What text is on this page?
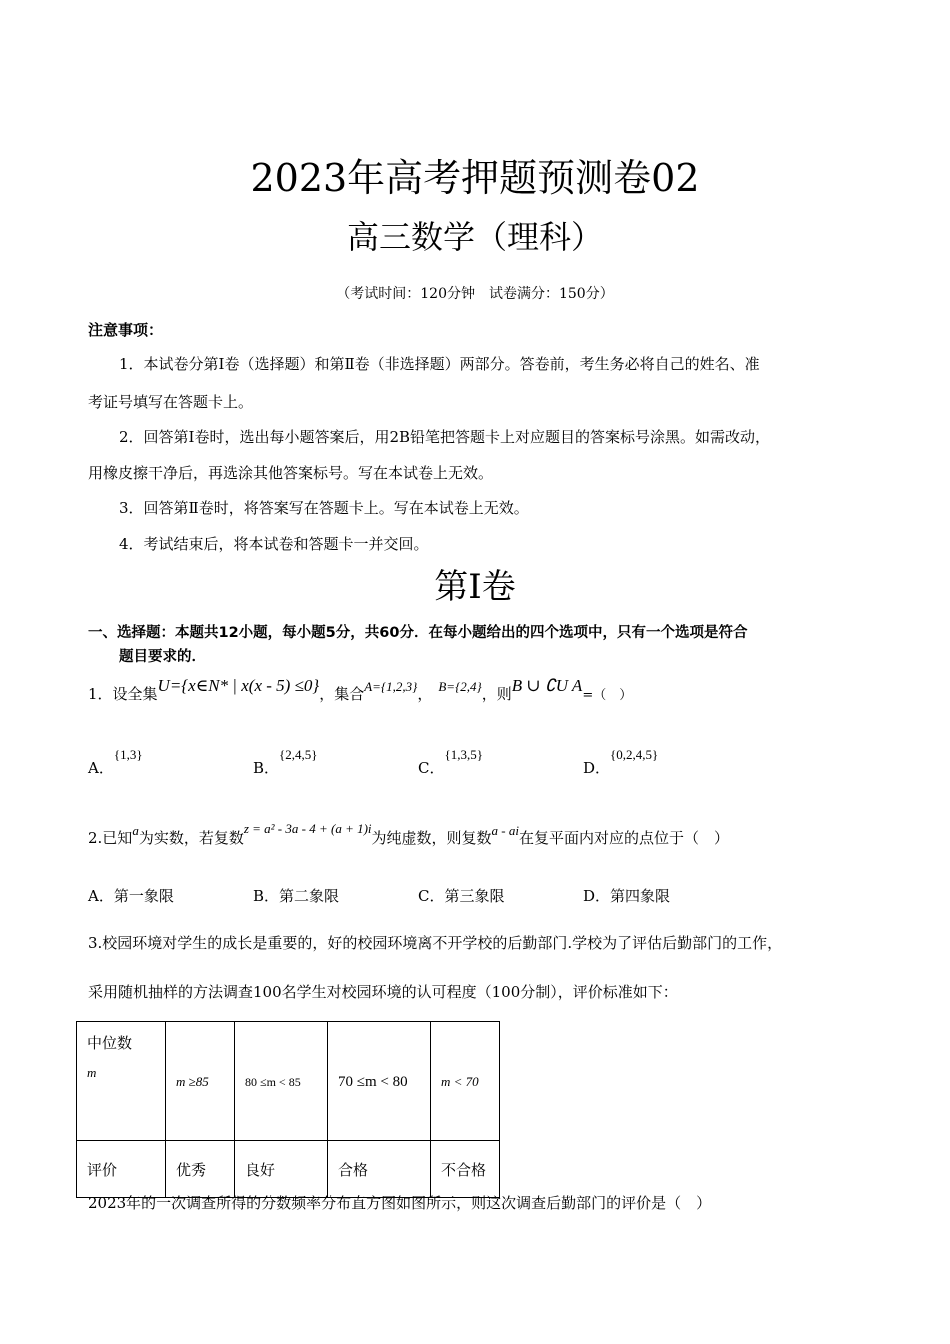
2023年高考押题预测卷02
高三数学（理科）
（考试时间：120分钟　试卷满分：150分）
注意事项：
1．本试卷分第Ⅰ卷（选择题）和第Ⅱ卷（非选择题）两部分。答卷前，考生务必将自己的姓名、准
考证号填写在答题卡上。
2．回答第Ⅰ卷时，选出每小题答案后，用2B铅笔把答题卡上对应题目的答案标号涂黑。如需改动，
用橡皮擦干净后，再选涂其他答案标号。写在本试卷上无效。
3．回答第Ⅱ卷时，将答案写在答题卡上。写在本试卷上无效。
4．考试结束后，将本试卷和答题卡一并交回。
第Ⅰ卷
一、选择题：本题共12小题，每小题5分，共60分．在每小题给出的四个选项中，只有一个选项是符合
题目要求的．
1．设全集U={x∈N* | x(x - 5) ≤0}，集合A={1,2,3}， B={2,4}，则B ∪ ∁U A=（　）
A．{1,3}
B．{2,4,5}
C．{1,3,5}
D．{0,2,4,5}
2.已知a为实数，若复数z = a² - 3a - 4 + (a + 1)i为纯虚数，则复数a - ai在复平面内对应的点位于（　）
A．第一象限	B．第二象限	C．第三象限	D．第四象限
3.校园环境对学生的成长是重要的，好的校园环境离不开学校的后勤部门.学校为了评估后勤部门的工作，
采用随机抽样的方法调查100名学生对校园环境的认可程度（100分制），评价标准如下：
中位数
m	m ≥85	80 ≤m < 85	70 ≤m < 80	m < 70
评价	优秀	良好	合格	不合格
2023年的一次调查所得的分数频率分布直方图如图所示，则这次调查后勤部门的评价是（　）
